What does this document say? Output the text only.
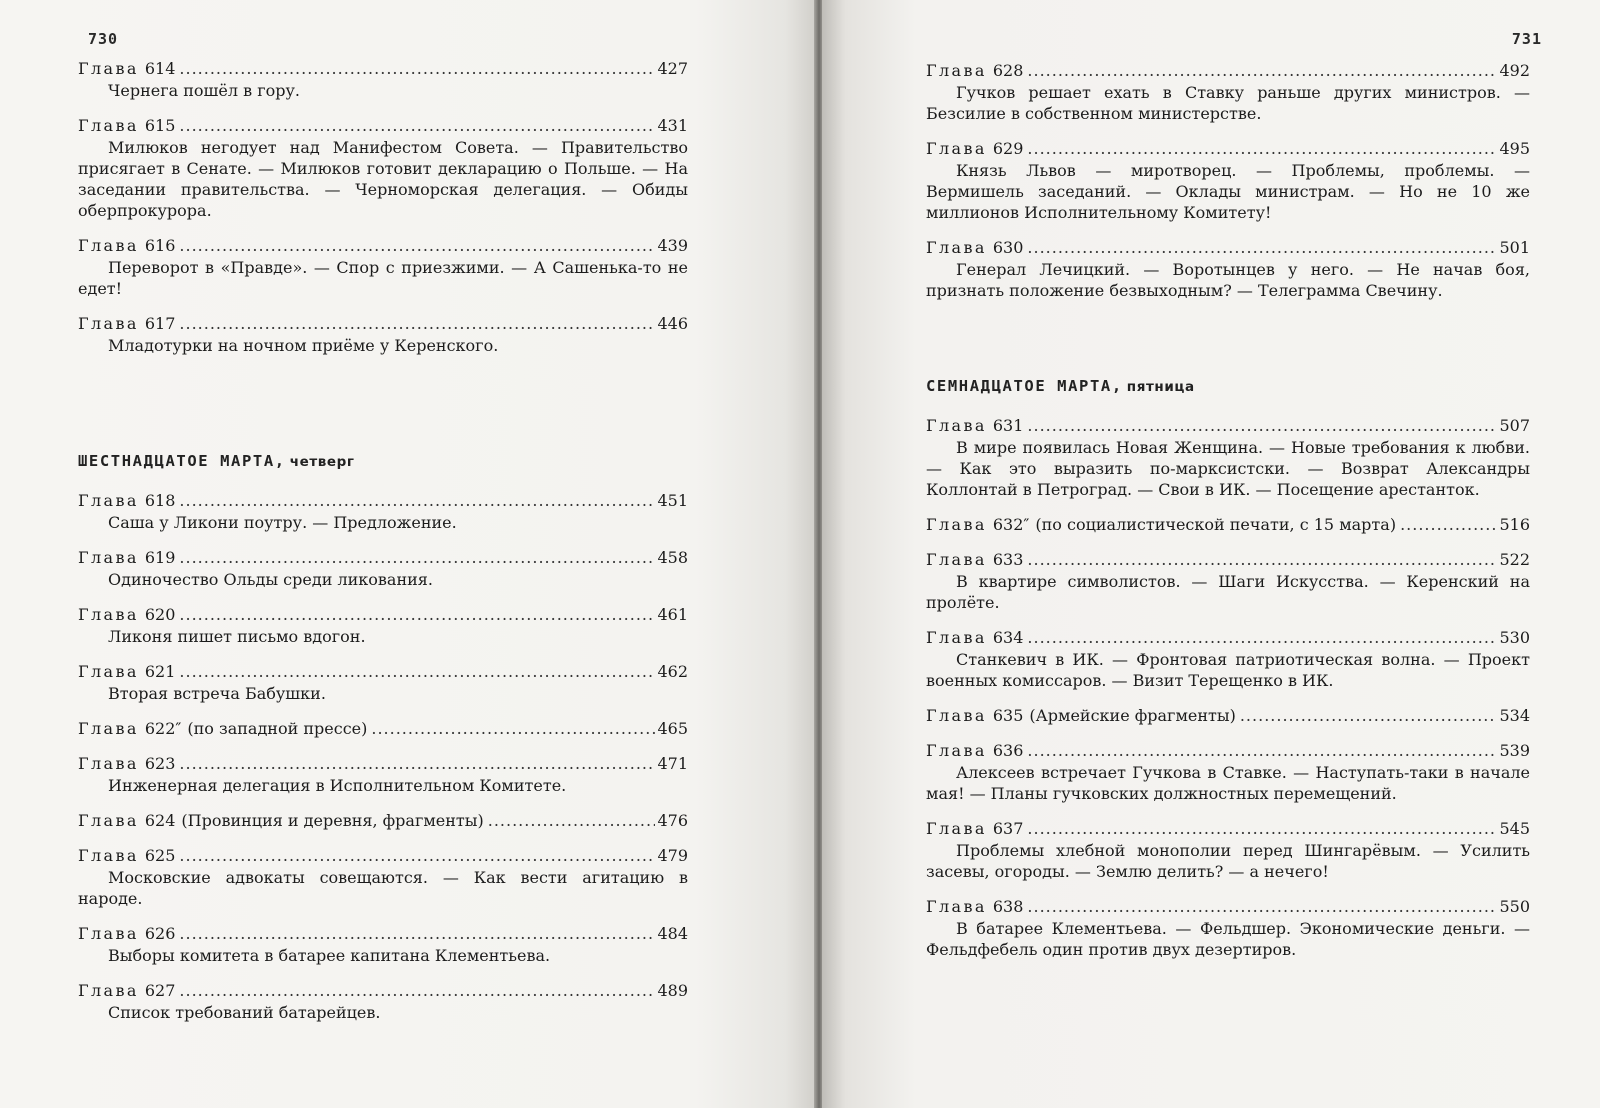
730
Глава 614 .....	427
Чернега пошёл в гору.
Глава 615 .....	431
Милюков негодует над Манифестом Совета. — Правительство присягает в Сенате. — Милюков готовит декларацию о Польше. — На заседании правительства. — Черноморская делегация. — Обиды оберпрокурора.
Глава 616 .....	439
Переворот в «Правде». — Спор с приезжими. — А Сашенька-то не едет!
Глава 617 .....	446
Младотурки на ночном приёме у Керенского.
ШЕСТНАДЦАТОЕ МАРТА, четверг
Глава 618 .....	451
Саша у Ликони поутру. — Предложение.
Глава 619 .....	458
Одиночество Ольды среди ликования.
Глава 620 .....	461
Ликоня пишет письмо вдогон.
Глава 621 .....	462
Вторая встреча Бабушки.
Глава 622″ (по западной прессе) .....	465
Глава 623 .....	471
Инженерная делегация в Исполнительном Комитете.
Глава 624 (Провинция и деревня, фрагменты) .....	476
Глава 625 .....	479
Московские адвокаты совещаются. — Как вести агитацию в народе.
Глава 626 .....	484
Выборы комитета в батарее капитана Клементьева.
Глава 627 .....	489
Список требований батарейцев.
731
Глава 628 .....	492
Гучков решает ехать в Ставку раньше других министров. — Безсилие в собственном министерстве.
Глава 629 .....	495
Князь Львов — миротворец. — Проблемы, проблемы. — Вермишель заседаний. — Оклады министрам. — Но не 10 же миллионов Исполнительному Комитету!
Глава 630 .....	501
Генерал Лечицкий. — Воротынцев у него. — Не начав боя, признать положение безвыходным? — Телеграмма Свечину.
СЕМНАДЦАТОЕ МАРТА, пятница
Глава 631 .....	507
В мире появилась Новая Женщина. — Новые требования к любви. — Как это выразить по-марксистски. — Возврат Александры Коллонтай в Петроград. — Свои в ИК. — Посещение арестанток.
Глава 632″ (по социалистической печати, с 15 марта) .....	516
Глава 633 .....	522
В квартире символистов. — Шаги Искусства. — Керенский на пролёте.
Глава 634 .....	530
Станкевич в ИК. — Фронтовая патриотическая волна. — Проект военных комиссаров. — Визит Терещенко в ИК.
Глава 635 (Армейские фрагменты) .....	534
Глава 636 .....	539
Алексеев встречает Гучкова в Ставке. — Наступать-таки в начале мая! — Планы гучковских должностных перемещений.
Глава 637 .....	545
Проблемы хлебной монополии перед Шингарёвым. — Усилить засевы, огороды. — Землю делить? — а нечего!
Глава 638 .....	550
В батарее Клементьева. — Фельдшер. Экономические деньги. — Фельдфебель один против двух дезертиров.
